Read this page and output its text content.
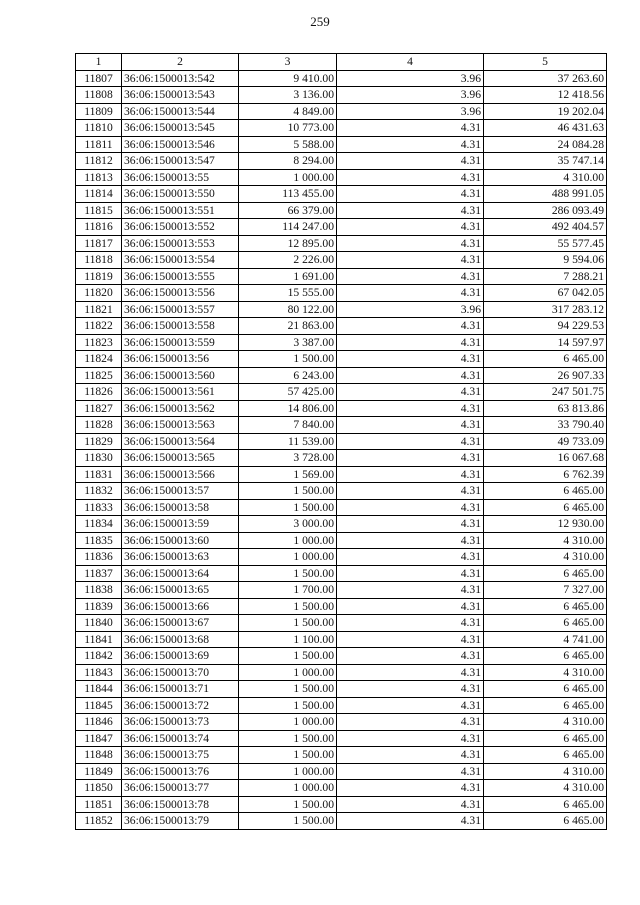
259
1	2	3	4	5
11807	36:06:1500013:542	9 410.00	3.96	37 263.60
11808	36:06:1500013:543	3 136.00	3.96	12 418.56
11809	36:06:1500013:544	4 849.00	3.96	19 202.04
11810	36:06:1500013:545	10 773.00	4.31	46 431.63
11811	36:06:1500013:546	5 588.00	4.31	24 084.28
11812	36:06:1500013:547	8 294.00	4.31	35 747.14
11813	36:06:1500013:55	1 000.00	4.31	4 310.00
11814	36:06:1500013:550	113 455.00	4.31	488 991.05
11815	36:06:1500013:551	66 379.00	4.31	286 093.49
11816	36:06:1500013:552	114 247.00	4.31	492 404.57
11817	36:06:1500013:553	12 895.00	4.31	55 577.45
11818	36:06:1500013:554	2 226.00	4.31	9 594.06
11819	36:06:1500013:555	1 691.00	4.31	7 288.21
11820	36:06:1500013:556	15 555.00	4.31	67 042.05
11821	36:06:1500013:557	80 122.00	3.96	317 283.12
11822	36:06:1500013:558	21 863.00	4.31	94 229.53
11823	36:06:1500013:559	3 387.00	4.31	14 597.97
11824	36:06:1500013:56	1 500.00	4.31	6 465.00
11825	36:06:1500013:560	6 243.00	4.31	26 907.33
11826	36:06:1500013:561	57 425.00	4.31	247 501.75
11827	36:06:1500013:562	14 806.00	4.31	63 813.86
11828	36:06:1500013:563	7 840.00	4.31	33 790.40
11829	36:06:1500013:564	11 539.00	4.31	49 733.09
11830	36:06:1500013:565	3 728.00	4.31	16 067.68
11831	36:06:1500013:566	1 569.00	4.31	6 762.39
11832	36:06:1500013:57	1 500.00	4.31	6 465.00
11833	36:06:1500013:58	1 500.00	4.31	6 465.00
11834	36:06:1500013:59	3 000.00	4.31	12 930.00
11835	36:06:1500013:60	1 000.00	4.31	4 310.00
11836	36:06:1500013:63	1 000.00	4.31	4 310.00
11837	36:06:1500013:64	1 500.00	4.31	6 465.00
11838	36:06:1500013:65	1 700.00	4.31	7 327.00
11839	36:06:1500013:66	1 500.00	4.31	6 465.00
11840	36:06:1500013:67	1 500.00	4.31	6 465.00
11841	36:06:1500013:68	1 100.00	4.31	4 741.00
11842	36:06:1500013:69	1 500.00	4.31	6 465.00
11843	36:06:1500013:70	1 000.00	4.31	4 310.00
11844	36:06:1500013:71	1 500.00	4.31	6 465.00
11845	36:06:1500013:72	1 500.00	4.31	6 465.00
11846	36:06:1500013:73	1 000.00	4.31	4 310.00
11847	36:06:1500013:74	1 500.00	4.31	6 465.00
11848	36:06:1500013:75	1 500.00	4.31	6 465.00
11849	36:06:1500013:76	1 000.00	4.31	4 310.00
11850	36:06:1500013:77	1 000.00	4.31	4 310.00
11851	36:06:1500013:78	1 500.00	4.31	6 465.00
11852	36:06:1500013:79	1 500.00	4.31	6 465.00
